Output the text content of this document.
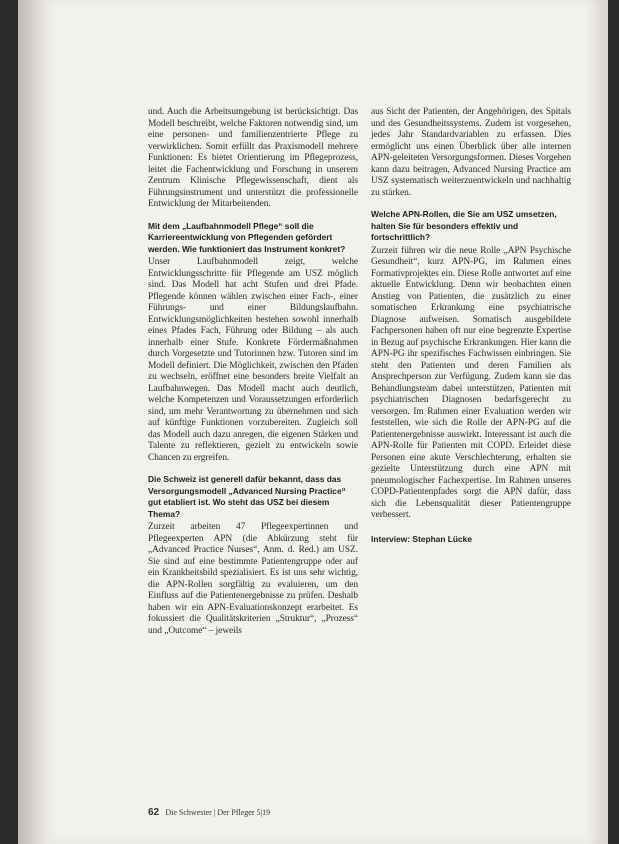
und. Auch die Arbeitsumgebung ist berücksichtigt. Das Modell beschreibt, welche Faktoren notwendig sind, um eine personen- und familienzentrierte Pflege zu verwirklichen. Somit erfüllt das Praxismodell mehrere Funktionen: Es bietet Orientierung im Pflegeprozess, leitet die Fachentwicklung und Forschung in unserem Zentrum Klinische Pflegewissenschaft, dient als Führungsinstrument und unterstützt die professionelle Entwicklung der Mitarbeitenden.

Mit dem „Laufbahnmodell Pflege“ soll die Karriereentwicklung von Pflegenden gefördert werden. Wie funktioniert das Instrument konkret?

Unser Laufbahnmodell zeigt, welche Entwicklungsschritte für Pflegende am USZ möglich sind. Das Modell hat acht Stufen und drei Pfade. Pflegende können wählen zwischen einer Fach-, einer Führungs- und einer Bildungslaufbahn. Entwicklungsmöglichkeiten bestehen sowohl innerhalb eines Pfades Fach, Führung oder Bildung – als auch innerhalb einer Stufe. Konkrete Fördermaßnahmen durch Vorgesetzte und Tutorinnen bzw. Tutoren sind im Modell definiert. Die Möglichkeit, zwischen den Pfaden zu wechseln, eröffnet eine besonders breite Vielfalt an Laufbahnwegen. Das Modell macht auch deutlich, welche Kompetenzen und Voraussetzungen erforderlich sind, um mehr Verantwortung zu übernehmen und sich auf künftige Funktionen vorzubereiten. Zugleich soll das Modell auch dazu anregen, die eigenen Stärken und Talente zu reflektieren, gezielt zu entwickeln sowie Chancen zu ergreifen.

Die Schweiz ist generell dafür bekannt, dass das Versorgungsmodell „Advanced Nursing Practice“ gut etabliert ist. Wo steht das USZ bei diesem Thema?

Zurzeit arbeiten 47 Pflegeexpertinnen und Pflegeexperten APN (die Abkürzung steht für „Advanced Practice Nurses“, Anm. d. Red.) am USZ. Sie sind auf eine bestimmte Patientengruppe oder auf ein Krankheitsbild spezialisiert. Es ist uns sehr wichtig, die APN-Rollen sorgfältig zu evaluieren, um den Einfluss auf die Patientenergebnisse zu prüfen. Deshalb haben wir ein APN-Evaluationskonzept erarbeitet. Es fokussiert die Qualitätskriterien „Struktur“, „Prozess“ und „Outcome“ – jeweils

aus Sicht der Patienten, der Angehörigen, des Spitals und des Gesundheitssystems. Zudem ist vorgesehen, jedes Jahr Standardvariablen zu erfassen. Dies ermöglicht uns einen Überblick über alle internen APN-geleiteten Versorgungsformen. Dieses Vorgehen kann dazu beitragen, Advanced Nursing Practice am USZ systematisch weiterzuentwickeln und nachhaltig zu stärken.

Welche APN-Rollen, die Sie am USZ umsetzen, halten Sie für besonders effektiv und fortschrittlich?

Zurzeit führen wir die neue Rolle „APN Psychische Gesundheit“, kurz APN-PG, im Rahmen eines Formativprojektes ein. Diese Rolle antwortet auf eine aktuelle Entwicklung. Denn wir beobachten einen Anstieg von Patienten, die zusätzlich zu einer somatischen Erkrankung eine psychiatrische Diagnose aufweisen. Somatisch ausgebildete Fachpersonen haben oft nur eine begrenzte Expertise in Bezug auf psychische Erkrankungen. Hier kann die APN-PG ihr spezifisches Fachwissen einbringen. Sie steht den Patienten und deren Familien als Ansprechperson zur Verfügung. Zudem kann sie das Behandlungsteam dabei unterstützen, Patienten mit psychiatrischen Diagnosen bedarfsgerecht zu versorgen. Im Rahmen einer Evaluation werden wir feststellen, wie sich die Rolle der APN-PG auf die Patientenergebnisse auswirkt. Interessant ist auch die APN-Rolle für Patienten mit COPD. Erleidet diese Personen eine akute Verschlechterung, erhalten sie gezielte Unterstützung durch eine APN mit pneumologischer Fachexpertise. Im Rahmen unseres COPD-Patientenpfades sorgt die APN dafür, dass sich die Lebensqualität dieser Patientengruppe verbessert.

Interview: Stephan Lücke
62 Die Schwester | Der Pfleger 5|19
